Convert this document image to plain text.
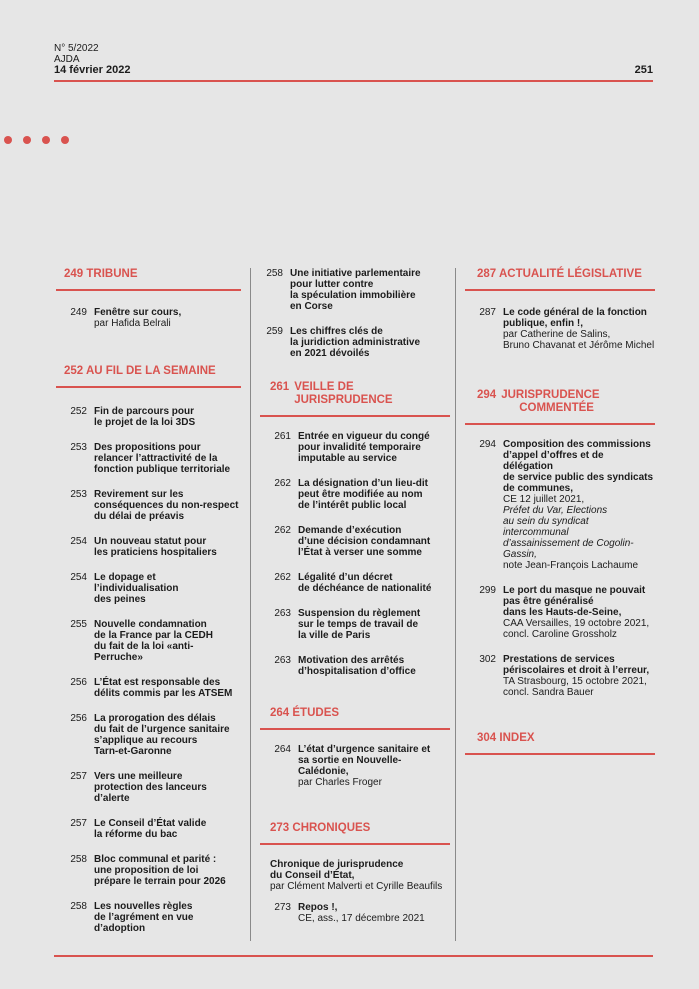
N° 5/2022
AJDA
14 février 2022	251
249 TRIBUNE
249 Fenêtre sur cours,
par Hafida Belrali
252 AU FIL DE LA SEMAINE
252 Fin de parcours pour
le projet de la loi 3DS
253 Des propositions pour
relancer l’attractivité de la
fonction publique territoriale
253 Revirement sur les
conséquences du non-respect
du délai de préavis
254 Un nouveau statut pour
les praticiens hospitaliers
254 Le dopage et
l’individualisation
des peines
255 Nouvelle condamnation
de la France par la CEDH
du fait de la loi «anti-Perruche»
256 L’État est responsable des
délits commis par les ATSEM
256 La prorogation des délais
du fait de l’urgence sanitaire
s’applique au recours
Tarn-et-Garonne
257 Vers une meilleure
protection des lanceurs
d’alerte
257 Le Conseil d’État valide
la réforme du bac
258 Bloc communal et parité :
une proposition de loi
prépare le terrain pour 2026
258 Les nouvelles règles
de l’agrément en vue
d’adoption
258 Une initiative parlementaire
pour lutter contre
la spéculation immobilière
en Corse
259 Les chiffres clés de
la juridiction administrative
en 2021 dévoilés
261 VEILLE DE
JURISPRUDENCE
261 Entrée en vigueur du congé
pour invalidité temporaire
imputable au service
262 La désignation d’un lieu-dit
peut être modifiée au nom
de l’intérêt public local
262 Demande d’exécution
d’une décision condamnant
l’État à verser une somme
262 Légalité d’un décret
de déchéance de nationalité
263 Suspension du règlement
sur le temps de travail de
la ville de Paris
263 Motivation des arrêtés
d’hospitalisation d’office
264 ÉTUDES
264 L’état d’urgence sanitaire et
sa sortie en Nouvelle-Calédonie,
par Charles Froger
273 CHRONIQUES
Chronique de jurisprudence
du Conseil d’État,
par Clément Malverti et Cyrille Beaufils
273 Repos !,
CE, ass., 17 décembre 2021
287 ACTUALITÉ LÉGISLATIVE
287 Le code général de la fonction
publique, enfin !,
par Catherine de Salins,
Bruno Chavanat et Jérôme Michel
294 JURISPRUDENCE
COMMENTÉE
294 Composition des commissions
d’appel d’offres et de délégation
de service public des syndicats
de communes,
CE 12 juillet 2021,
Préfet du Var, Elections
au sein du syndicat intercommunal
d’assainissement de Cogolin-Gassin,
note Jean-François Lachaume
299 Le port du masque ne pouvait
pas être généralisé
dans les Hauts-de-Seine,
CAA Versailles, 19 octobre 2021,
concl. Caroline Grossholz
302 Prestations de services
périscolaires et droit à l’erreur,
TA Strasbourg, 15 octobre 2021,
concl. Sandra Bauer
304 INDEX
